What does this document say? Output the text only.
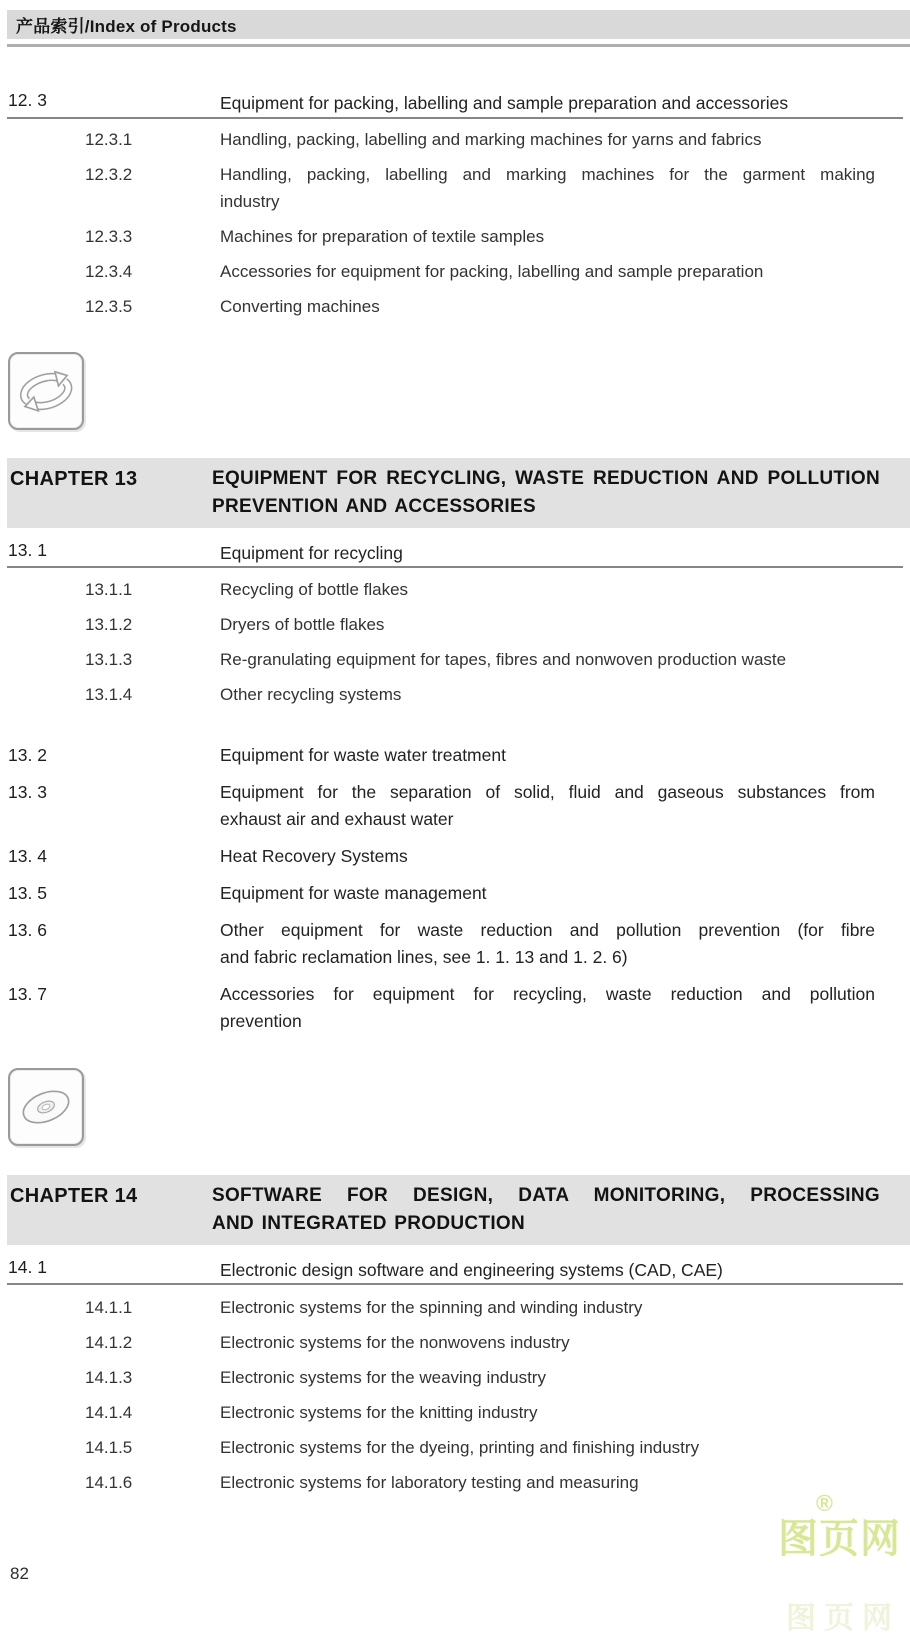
产品索引/Index of Products
12. 3	Equipment for packing, labelling and sample preparation and accessories
12.3.1	Handling, packing, labelling and marking machines for yarns and fabrics
12.3.2	Handling, packing, labelling and marking machines for the garment making
industry
12.3.3	Machines for preparation of textile samples
12.3.4	Accessories for equipment for packing, labelling and sample preparation
12.3.5	Converting machines
CHAPTER 13	EQUIPMENT FOR RECYCLING, WASTE REDUCTION AND POLLUTION
PREVENTION AND ACCESSORIES
13. 1	Equipment for recycling
13.1.1	Recycling of bottle flakes
13.1.2	Dryers of bottle flakes
13.1.3	Re-granulating equipment for tapes, fibres and nonwoven production waste
13.1.4	Other recycling systems
13. 2	Equipment for waste water treatment
13. 3	Equipment for the separation of solid, fluid and gaseous substances from
exhaust air and exhaust water
13. 4	Heat Recovery Systems
13. 5	Equipment for waste management
13. 6	Other equipment for waste reduction and pollution prevention (for fibre
and fabric reclamation lines, see 1. 1. 13 and 1. 2. 6)
13. 7	Accessories for equipment for recycling, waste reduction and pollution
prevention
CHAPTER 14	SOFTWARE FOR DESIGN, DATA MONITORING, PROCESSING
AND INTEGRATED PRODUCTION
14. 1	Electronic design software and engineering systems (CAD, CAE)
14.1.1	Electronic systems for the spinning and winding industry
14.1.2	Electronic systems for the nonwovens industry
14.1.3	Electronic systems for the weaving industry
14.1.4	Electronic systems for the knitting industry
14.1.5	Electronic systems for the dyeing, printing and finishing industry
14.1.6	Electronic systems for laboratory testing and measuring
82
®
图页网
图页网
